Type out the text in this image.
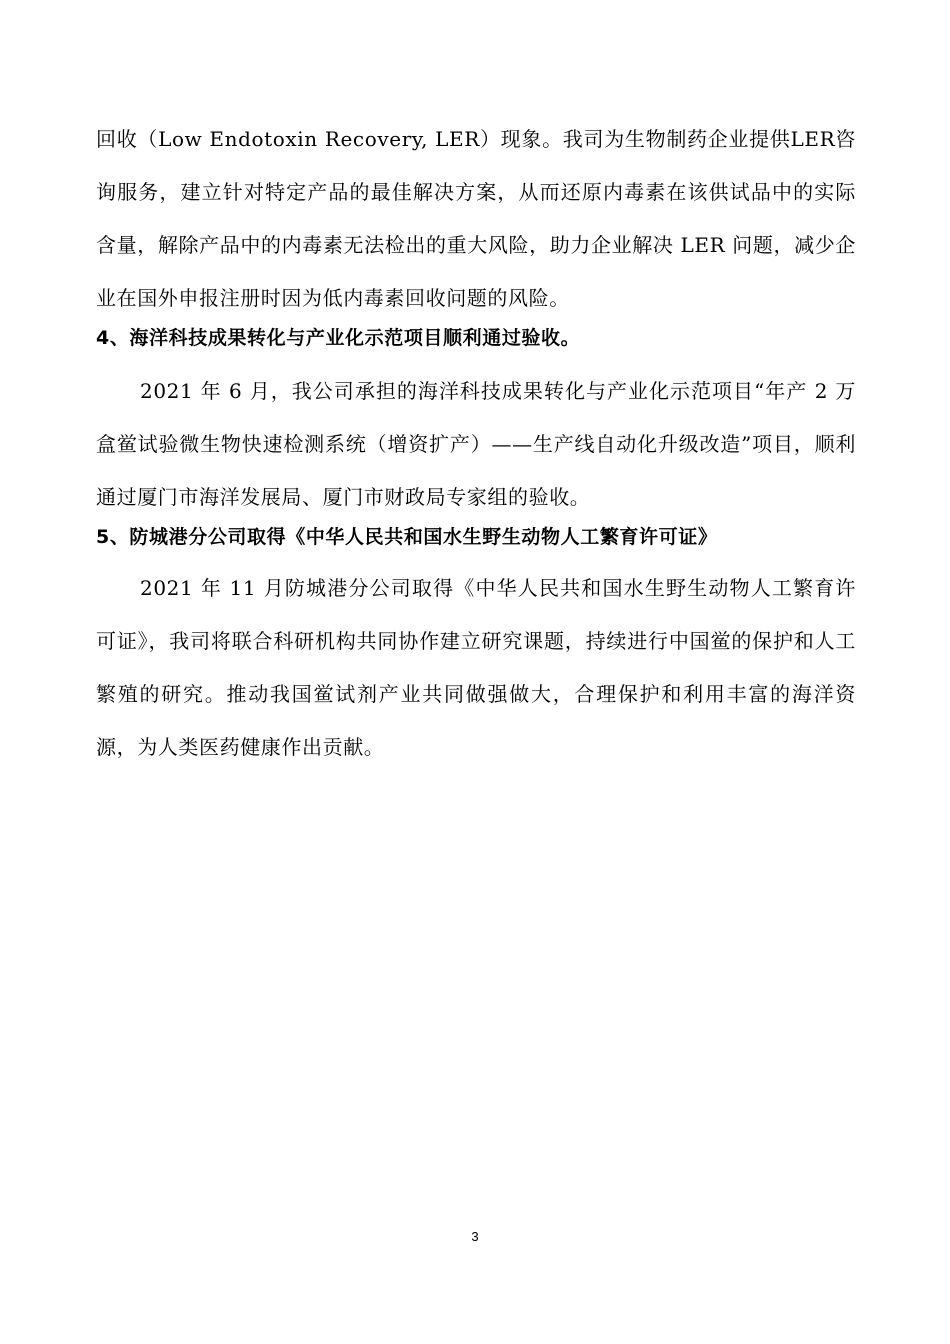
回收（Low Endotoxin Recovery, LER）现象。我司为生物制药企业提供LER咨询服务，建立针对特定产品的最佳解决方案，从而还原内毒素在该供试品中的实际含量，解除产品中的内毒素无法检出的重大风险，助力企业解决 LER 问题，减少企业在国外申报注册时因为低内毒素回收问题的风险。

4、海洋科技成果转化与产业化示范项目顺利通过验收。

2021 年 6 月，我公司承担的海洋科技成果转化与产业化示范项目“年产 2 万盒鲎试验微生物快速检测系统（增资扩产）——生产线自动化升级改造”项目，顺利通过厦门市海洋发展局、厦门市财政局专家组的验收。

5、防城港分公司取得《中华人民共和国水生野生动物人工繁育许可证》

2021 年 11 月防城港分公司取得《中华人民共和国水生野生动物人工繁育许可证》，我司将联合科研机构共同协作建立研究课题，持续进行中国鲎的保护和人工繁殖的研究。推动我国鲎试剂产业共同做强做大，合理保护和利用丰富的海洋资源，为人类医药健康作出贡献。

3
